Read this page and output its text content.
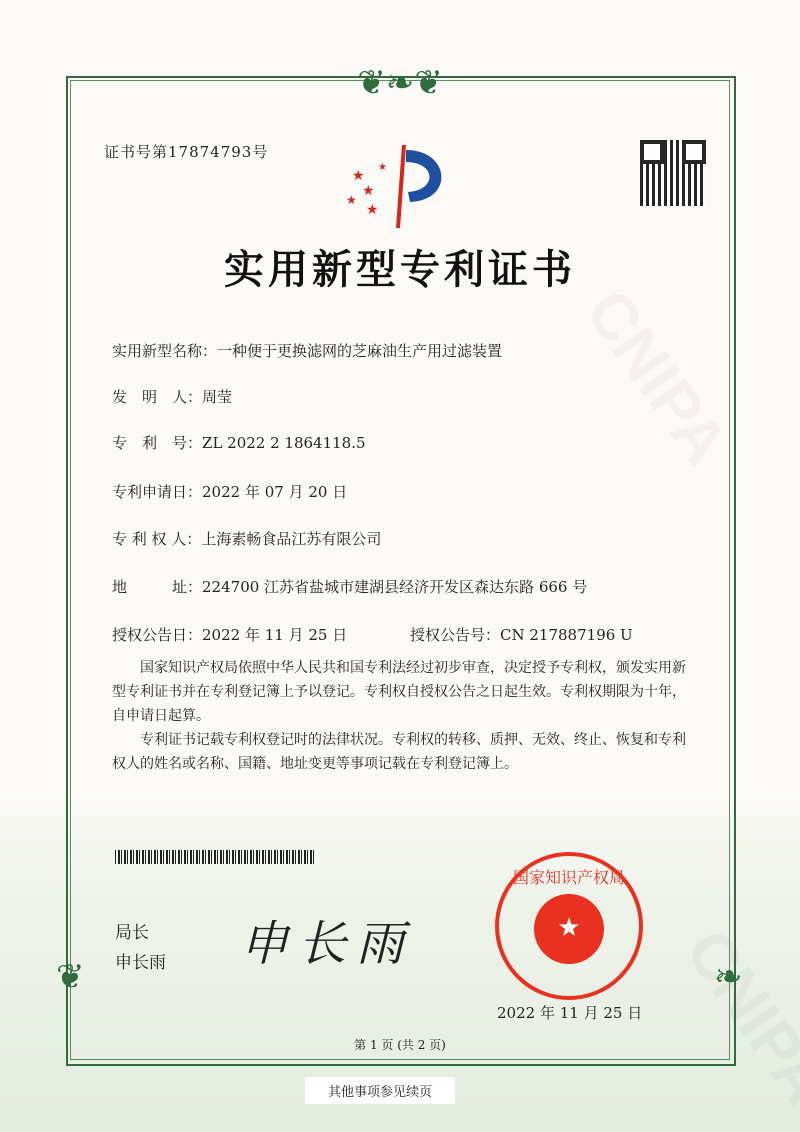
❦❧❦
❦	❧
证书号第17874793号
★
★
★
★
★
实用新型专利证书
实用新型名称：一种便于更换滤网的芝麻油生产用过滤装置
发　明　人：周莹
专　利　号：ZL 2022 2 1864118.5
专利申请日：2022 年 07 月 20 日
专 利 权 人：上海素畅食品江苏有限公司
地　　　址：224700 江苏省盐城市建湖县经济开发区森达东路 666 号
授权公告日：2022 年 11 月 25 日	授权公告号：CN 217887196 U

国家知识产权局依照中华人民共和国专利法经过初步审查，决定授予专利权，颁发实用新型专利证书并在专利登记簿上予以登记。专利权自授权公告之日起生效。专利权期限为十年，自申请日起算。

专利证书记载专利权登记时的法律状况。专利权的转移、质押、无效、终止、恢复和专利权人的姓名或名称、国籍、地址变更等事项记载在专利登记簿上。

局长
申长雨 申长雨	★
国家知识产权局
2022 年 11 月 25 日
第 1 页 (共 2 页)
其他事项参见续页
